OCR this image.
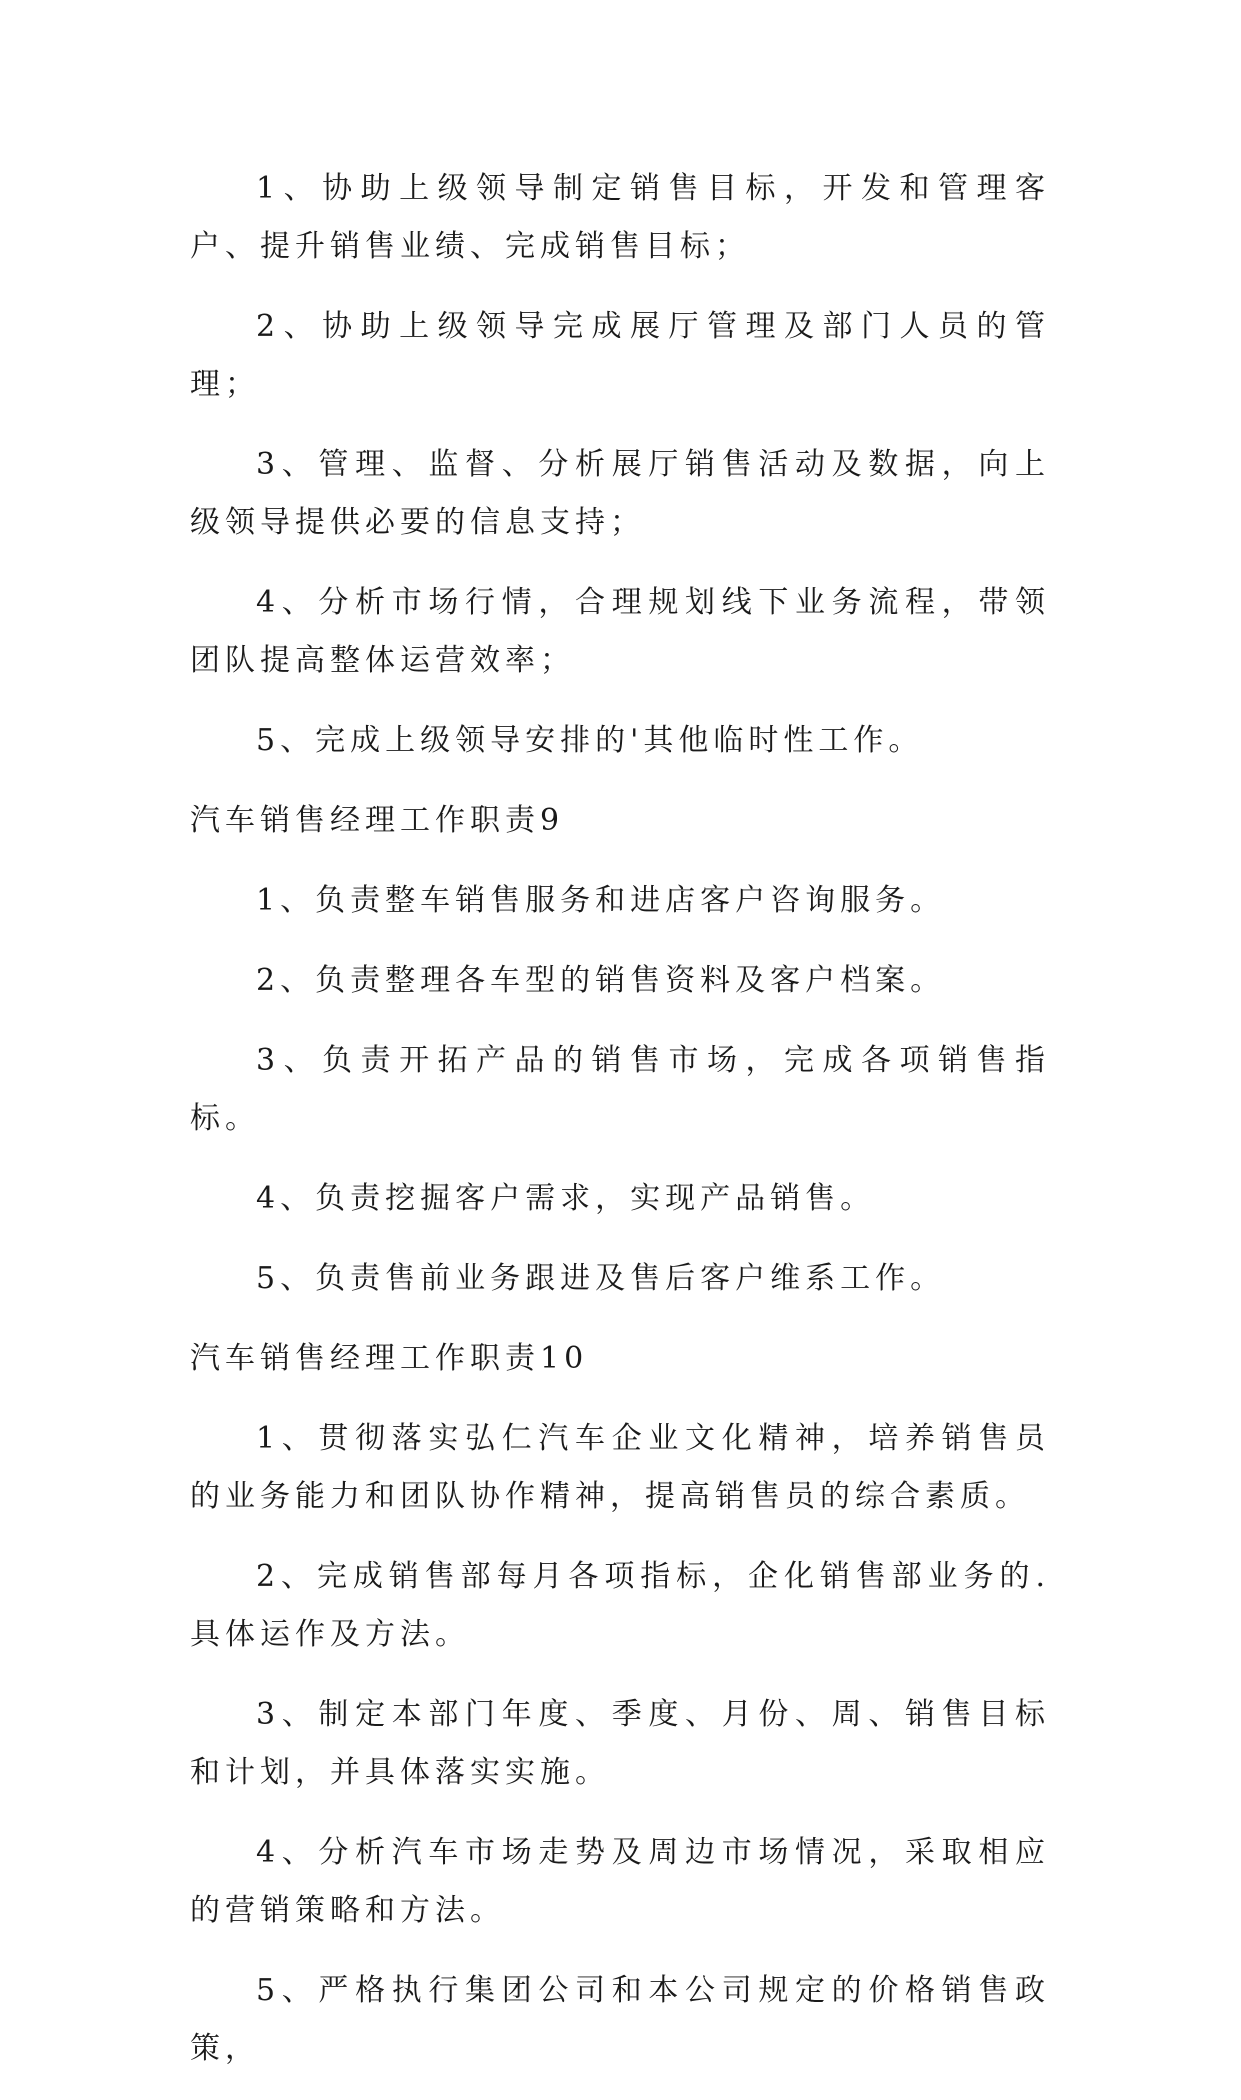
1、协助上级领导制定销售目标，开发和管理客户、提升销售业绩、完成销售目标；

2、协助上级领导完成展厅管理及部门人员的管理；

3、管理、监督、分析展厅销售活动及数据，向上级领导提供必要的信息支持；

4、分析市场行情，合理规划线下业务流程，带领团队提高整体运营效率；

5、完成上级领导安排的'其他临时性工作。

汽车销售经理工作职责9

1、负责整车销售服务和进店客户咨询服务。

2、负责整理各车型的销售资料及客户档案。

3、负责开拓产品的销售市场，完成各项销售指标。

4、负责挖掘客户需求，实现产品销售。

5、负责售前业务跟进及售后客户维系工作。

汽车销售经理工作职责10

1、贯彻落实弘仁汽车企业文化精神，培养销售员的业务能力和团队协作精神，提高销售员的综合素质。

2、完成销售部每月各项指标，企化销售部业务的.具体运作及方法。

3、制定本部门年度、季度、月份、周、销售目标和计划，并具体落实实施。

4、分析汽车市场走势及周边市场情况，采取相应的营销策略和方法。

5、严格执行集团公司和本公司规定的价格销售政策，
